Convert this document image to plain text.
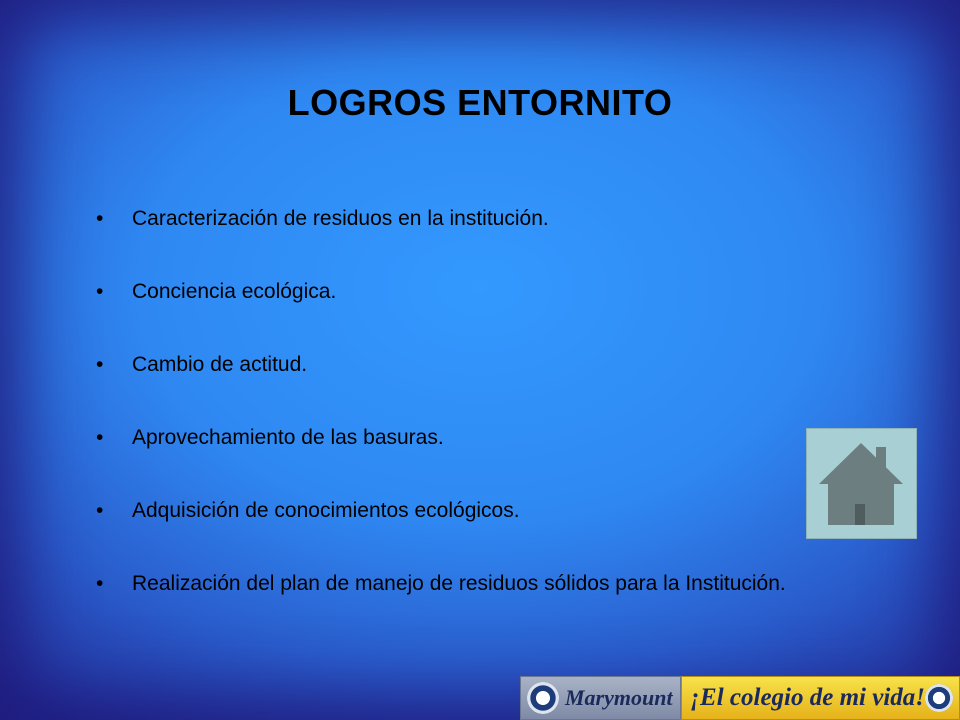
LOGROS ENTORNITO
• Caracterización de residuos en la institución.
• Conciencia ecológica.
• Cambio de actitud.
• Aprovechamiento de las basuras.
• Adquisición de conocimientos ecológicos.
• Realización del plan de manejo de residuos sólidos para la Institución.
Marymount ¡El colegio de mi vida!
